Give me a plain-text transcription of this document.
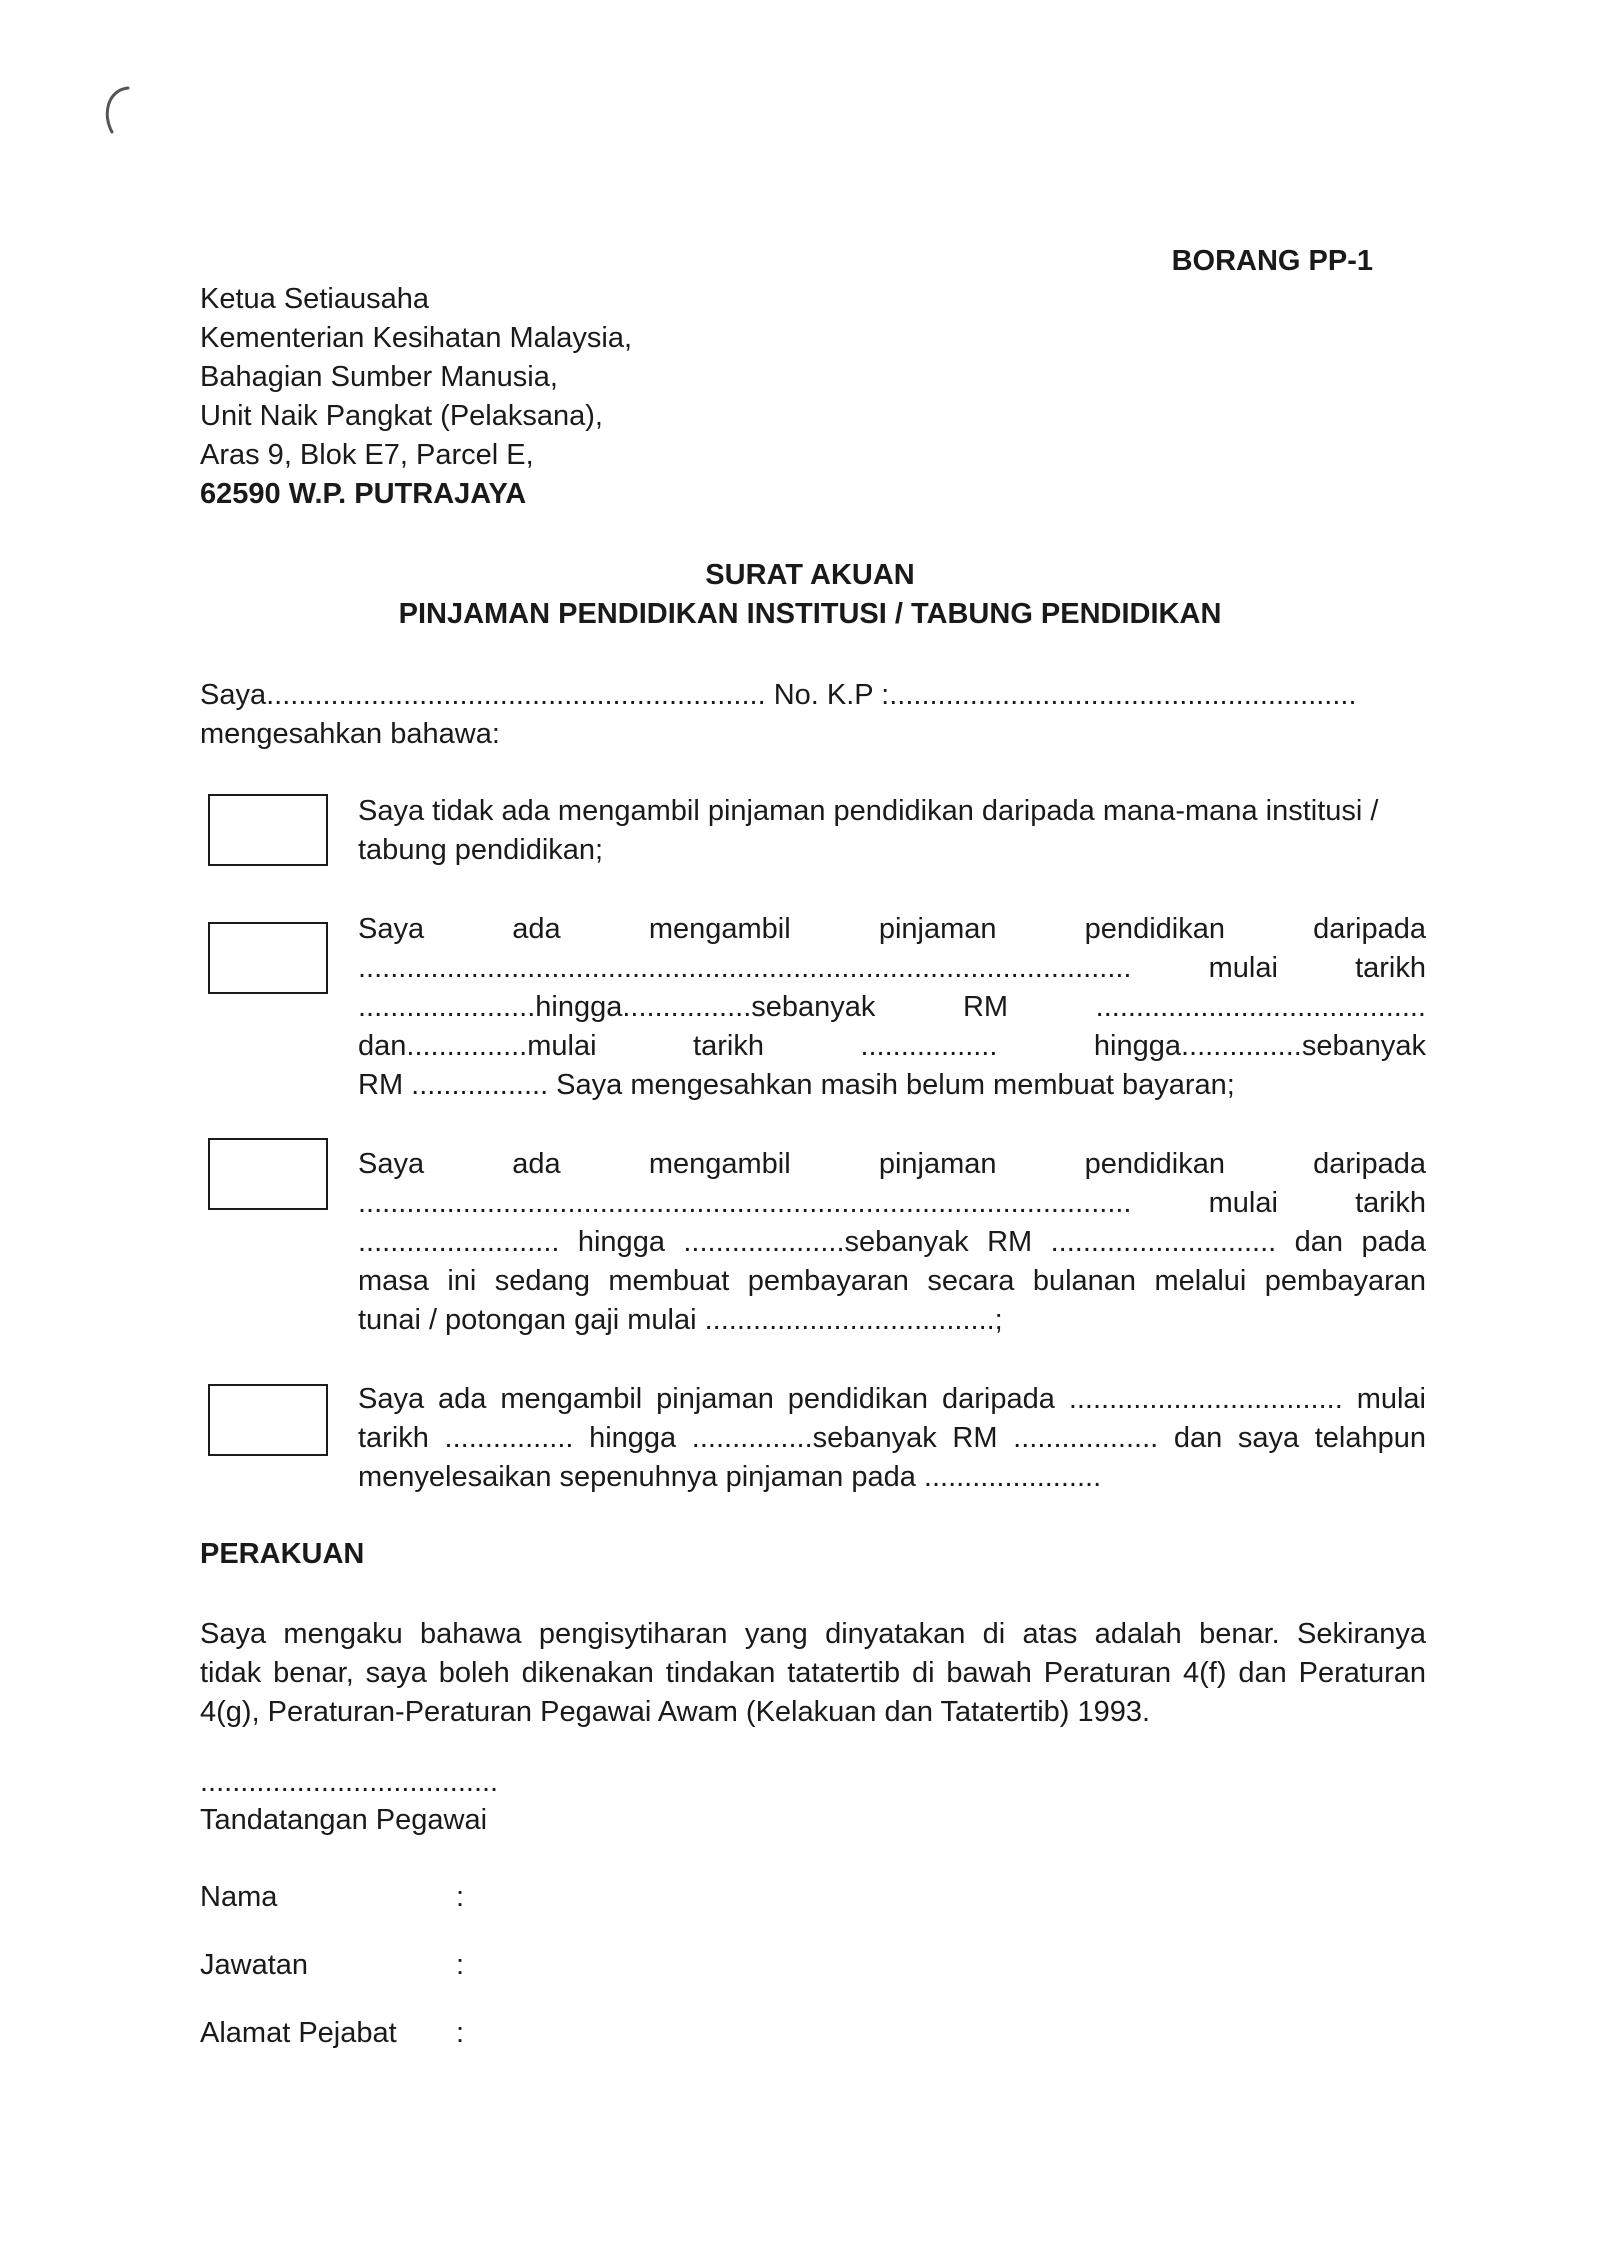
BORANG PP-1
Ketua Setiausaha
Kementerian Kesihatan Malaysia,
Bahagian Sumber Manusia,
Unit Naik Pangkat (Pelaksana),
Aras 9, Blok E7, Parcel E,
62590 W.P. PUTRAJAYA
SURAT AKUAN
PINJAMAN PENDIDIKAN INSTITUSI / TABUNG PENDIDIKAN
Saya.............................................................. No. K.P :..........................................................
mengesahkan bahawa:
Saya tidak ada mengambil pinjaman pendidikan daripada mana-mana institusi /
tabung pendidikan;
Saya ada mengambil pinjaman pendidikan daripada
................................................................................................ mulai tarikh
......................hingga................sebanyak RM .........................................
dan...............mulai tarikh ................. hingga...............sebanyak
RM ................. Saya mengesahkan masih belum membuat bayaran;
Saya ada mengambil pinjaman pendidikan daripada
................................................................................................ mulai tarikh
......................... hingga ....................sebanyak RM ............................ dan pada
masa ini sedang membuat pembayaran secara bulanan melalui pembayaran
tunai / potongan gaji mulai ....................................;
Saya ada mengambil pinjaman pendidikan daripada .................................. mulai
tarikh ................ hingga ...............sebanyak RM .................. dan saya telahpun
menyelesaikan sepenuhnya pinjaman pada ......................
PERAKUAN
Saya mengaku bahawa pengisytiharan yang dinyatakan di atas adalah benar. Sekiranya
tidak benar, saya boleh dikenakan tindakan tatatertib di bawah Peraturan 4(f) dan Peraturan
4(g), Peraturan-Peraturan Pegawai Awam (Kelakuan dan Tatatertib) 1993.
.....................................
Tandatangan Pegawai
Nama	:
Jawatan	:
Alamat Pejabat :
